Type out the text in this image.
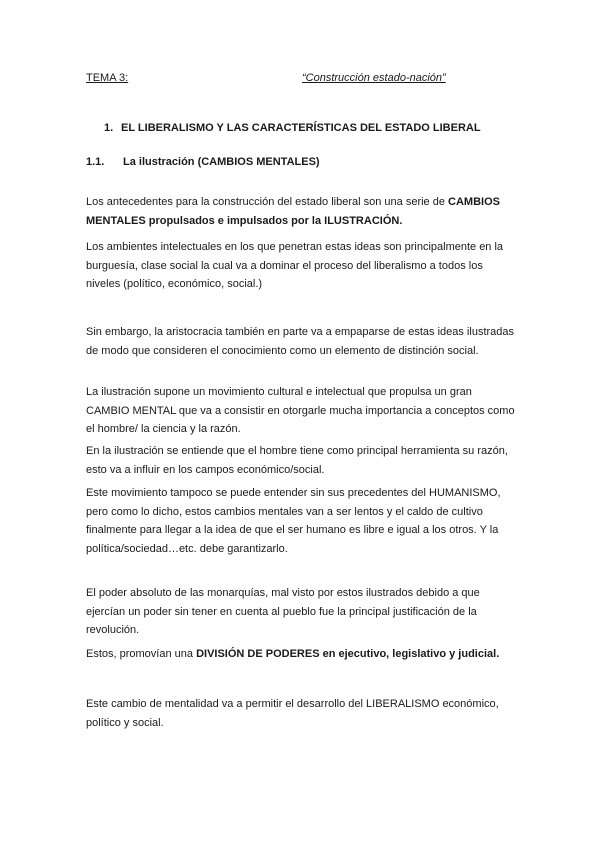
TEMA 3:	“Construcción estado-nación”
1. EL LIBERALISMO Y LAS CARACTERÍSTICAS DEL ESTADO LIBERAL
1.1. La ilustración (CAMBIOS MENTALES)
Los antecedentes para la construcción del estado liberal son una serie de CAMBIOS MENTALES propulsados e impulsados por la ILUSTRACIÓN.
Los ambientes intelectuales en los que penetran estas ideas son principalmente en la burguesía, clase social la cual va a dominar el proceso del liberalismo a todos los niveles (político, económico, social.)
Sin embargo, la aristocracia también en parte va a empaparse de estas ideas ilustradas de modo que consideren el conocimiento como un elemento de distinción social.
La ilustración supone un movimiento cultural e intelectual que propulsa un gran CAMBIO MENTAL que va a consistir en otorgarle mucha importancia a conceptos como el hombre/ la ciencia y la razón.
En la ilustración se entiende que el hombre tiene como principal herramienta su razón, esto va a influir en los campos económico/social.
Este movimiento tampoco se puede entender sin sus precedentes del HUMANISMO, pero como lo dicho, estos cambios mentales van a ser lentos y el caldo de cultivo finalmente para llegar a la idea de que el ser humano es libre e igual a los otros. Y la política/sociedad…etc. debe garantizarlo.
El poder absoluto de las monarquías, mal visto por estos ilustrados debido a que ejercían un poder sin tener en cuenta al pueblo fue la principal justificación de la revolución.
Estos, promovían una DIVISIÓN DE PODERES en ejecutivo, legislativo y judicial.
Este cambio de mentalidad va a permitir el desarrollo del LIBERALISMO económico, político y social.
